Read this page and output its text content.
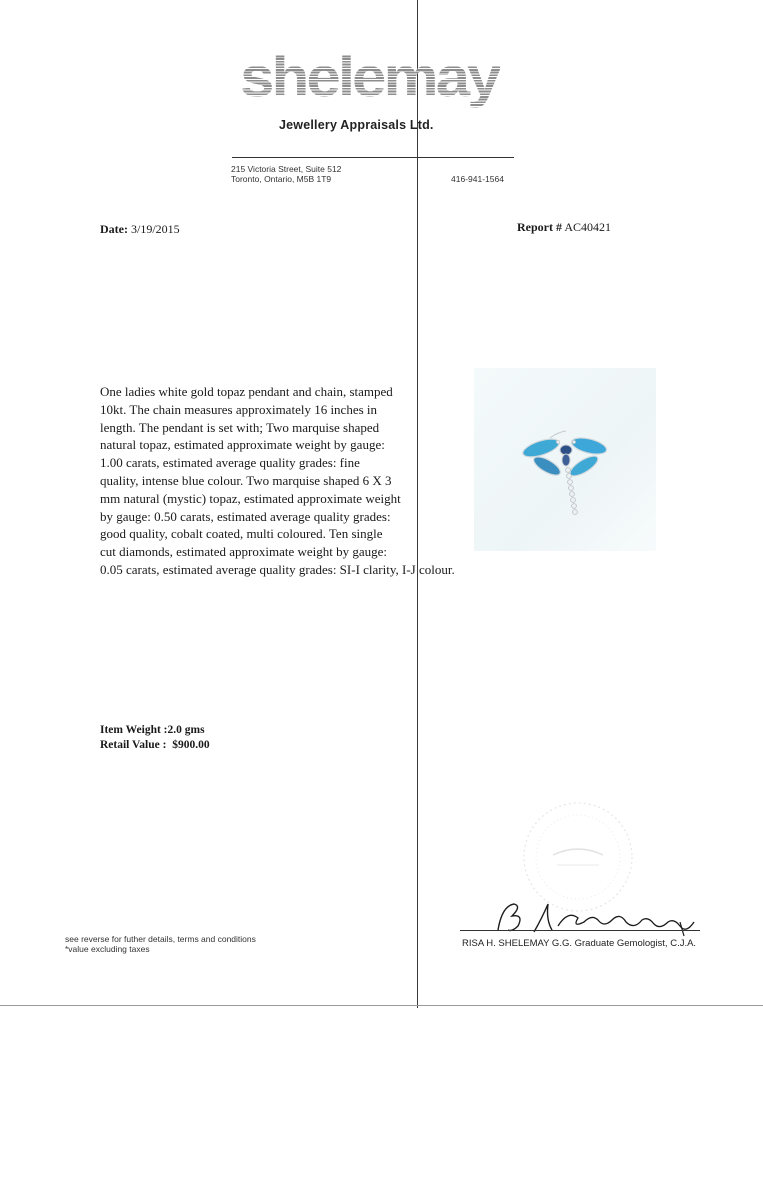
shelemay
Jewellery Appraisals Ltd.
215 Victoria Street, Suite 512
Toronto, Ontario, M5B 1T9	416-941-1564
Date: 3/19/2015	Report # AC40421
One ladies white gold topaz pendant and chain, stamped
10kt. The chain measures approximately 16 inches in
length. The pendant is set with; Two marquise shaped
natural topaz, estimated approximate weight by gauge:
1.00 carats, estimated average quality grades: fine
quality, intense blue colour. Two marquise shaped 6 X 3
mm natural (mystic) topaz, estimated approximate weight
by gauge: 0.50 carats, estimated average quality grades:
good quality, cobalt coated, multi coloured. Ten single
cut diamonds, estimated approximate weight by gauge:
0.05 carats, estimated average quality grades: SI-I clarity, I-J colour.
Item Weight :2.0 gms
Retail Value : $900.00
see reverse for futher details, terms and conditions
*value excluding taxes	RISA H. SHELEMAY G.G. Graduate Gemologist, C.J.A.
